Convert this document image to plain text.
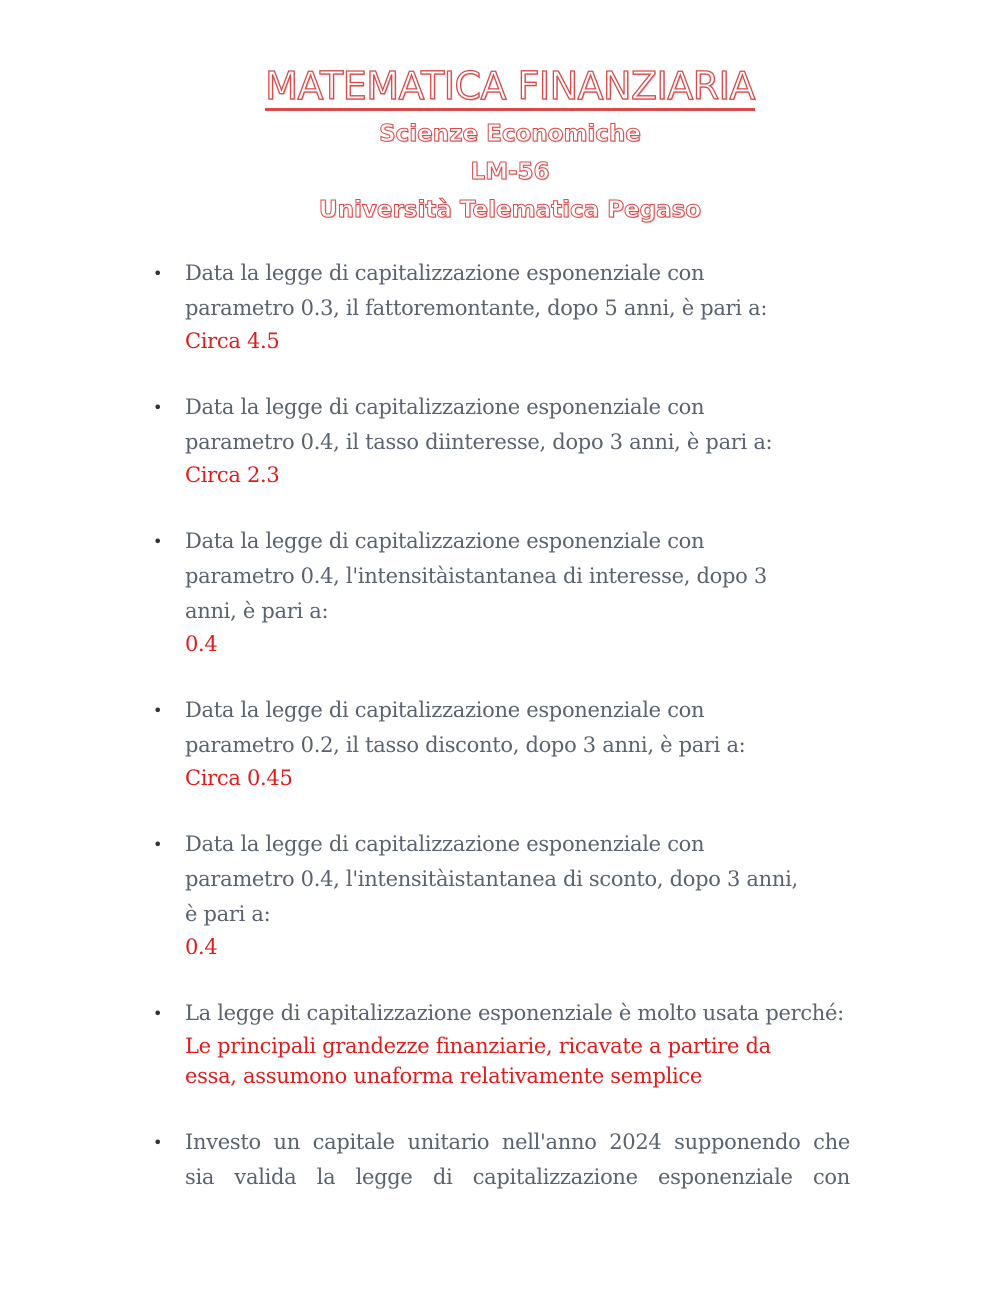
MATEMATICA FINANZIARIA
Scienze Economiche
LM-56
Università Telematica Pegaso
• Data la legge di capitalizzazione esponenziale con
parametro 0.3, il fattoremontante, dopo 5 anni, è pari a:
Circa 4.5
• Data la legge di capitalizzazione esponenziale con
parametro 0.4, il tasso diinteresse, dopo 3 anni, è pari a:
Circa 2.3
• Data la legge di capitalizzazione esponenziale con
parametro 0.4, l'intensitàistantanea di interesse, dopo 3
anni, è pari a:
0.4
• Data la legge di capitalizzazione esponenziale con
parametro 0.2, il tasso disconto, dopo 3 anni, è pari a:
Circa 0.45
• Data la legge di capitalizzazione esponenziale con
parametro 0.4, l'intensitàistantanea di sconto, dopo 3 anni,
è pari a:
0.4
• La legge di capitalizzazione esponenziale è molto usata perché:
Le principali grandezze finanziarie, ricavate a partire da
essa, assumono unaforma relativamente semplice
• Investo un capitale unitario nell'anno 2024 supponendo che
sia valida la legge di capitalizzazione esponenziale con
